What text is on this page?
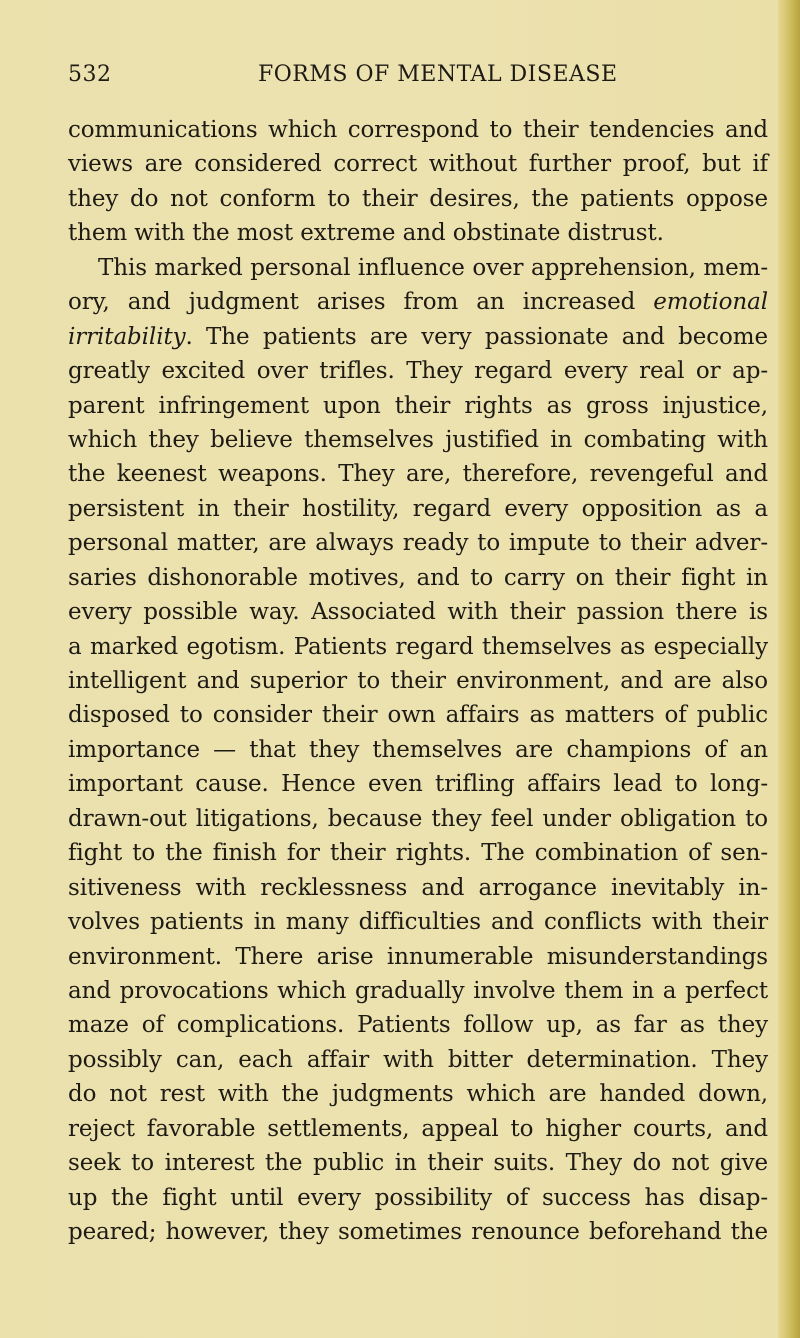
532	FORMS OF MENTAL DISEASE
communications which correspond to their tendencies and
views are considered correct without further proof, but if
they do not conform to their desires, the patients oppose
them with the most extreme and obstinate distrust.
This marked personal influence over apprehension, mem-
ory, and judgment arises from an increased emotional
irritability. The patients are very passionate and become
greatly excited over trifles. They regard every real or ap-
parent infringement upon their rights as gross injustice,
which they believe themselves justified in combating with
the keenest weapons. They are, therefore, revengeful and
persistent in their hostility, regard every opposition as a
personal matter, are always ready to impute to their adver-
saries dishonorable motives, and to carry on their fight in
every possible way. Associated with their passion there is
a marked egotism. Patients regard themselves as especially
intelligent and superior to their environment, and are also
disposed to consider their own affairs as matters of public
importance — that they themselves are champions of an
important cause. Hence even trifling affairs lead to long-
drawn-out litigations, because they feel under obligation to
fight to the finish for their rights. The combination of sen-
sitiveness with recklessness and arrogance inevitably in-
volves patients in many difficulties and conflicts with their
environment. There arise innumerable misunderstandings
and provocations which gradually involve them in a perfect
maze of complications. Patients follow up, as far as they
possibly can, each affair with bitter determination. They
do not rest with the judgments which are handed down,
reject favorable settlements, appeal to higher courts, and
seek to interest the public in their suits. They do not give
up the fight until every possibility of success has disap-
peared; however, they sometimes renounce beforehand the
